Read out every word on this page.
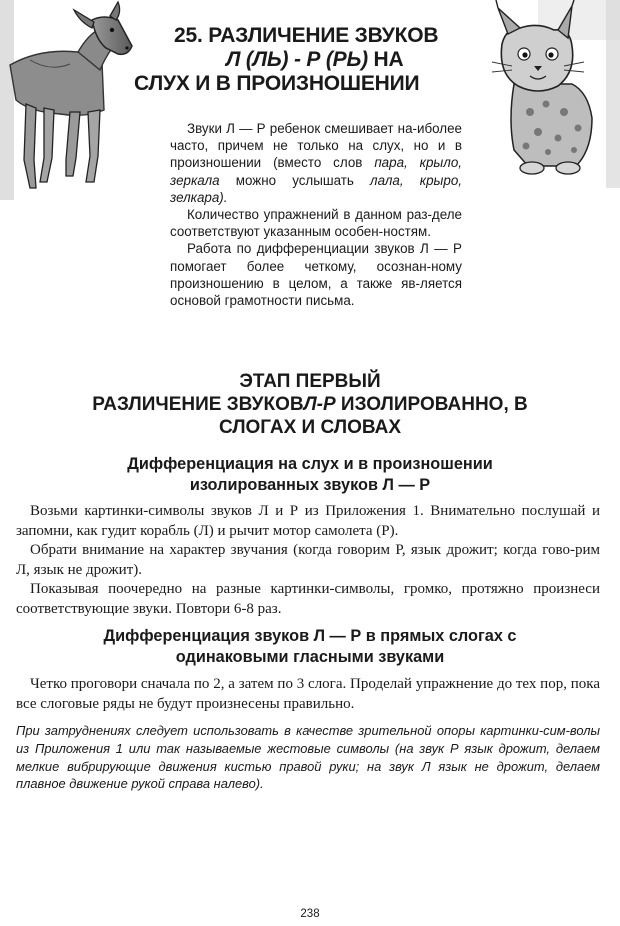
25. РАЗЛИЧЕНИЕ ЗВУКОВ

Л (ЛЬ) - Р (РЬ) НА

СЛУХ И В ПРОИЗНОШЕНИИ

Звуки Л — Р ребенок смешивает на-иболее часто, причем не только на слух, но и в произношении (вместо слов пара, крыло, зеркала можно услышать лала, крыро, зелкара).

Количество упражнений в данном раз-деле соответствуют указанным особен-ностям.

Работа по дифференциации звуков Л — Р помогает более четкому, осознан-ному произношению в целом, а также яв-ляется основой грамотности письма.

ЭТАП ПЕРВЫЙ

РАЗЛИЧЕНИЕ ЗВУКОВЛ-Р ИЗОЛИРОВАННО, В

СЛОГАХ И СЛОВАХ

Дифференциация на слух и в произношении

изолированных звуков Л — Р

Возьми картинки-символы звуков Л и Р из Приложения 1. Внимательно послушай и запомни, как гудит корабль (Л) и рычит мотор самолета (Р).

Обрати внимание на характер звучания (когда говорим Р, язык дрожит; когда гово-рим Л, язык не дрожит).

Показывая поочередно на разные картинки-символы, громко, протяжно произнеси соответствующие звуки. Повтори 6-8 раз.

Дифференциация звуков Л — Р в прямых слогах с

одинаковыми гласными звуками

Четко проговори сначала по 2, а затем по 3 слога. Проделай упражнение до тех пор, пока все слоговые ряды не будут произнесены правильно.

При затруднениях следует использовать в качестве зрительной опоры картинки-сим-волы из Приложения 1 или так называемые жестовые символы (на звук Р язык дрожит, делаем мелкие вибрирующие движения кистью правой руки; на звук Л язык не дрожит, делаем плавное движение рукой справа налево).

238
